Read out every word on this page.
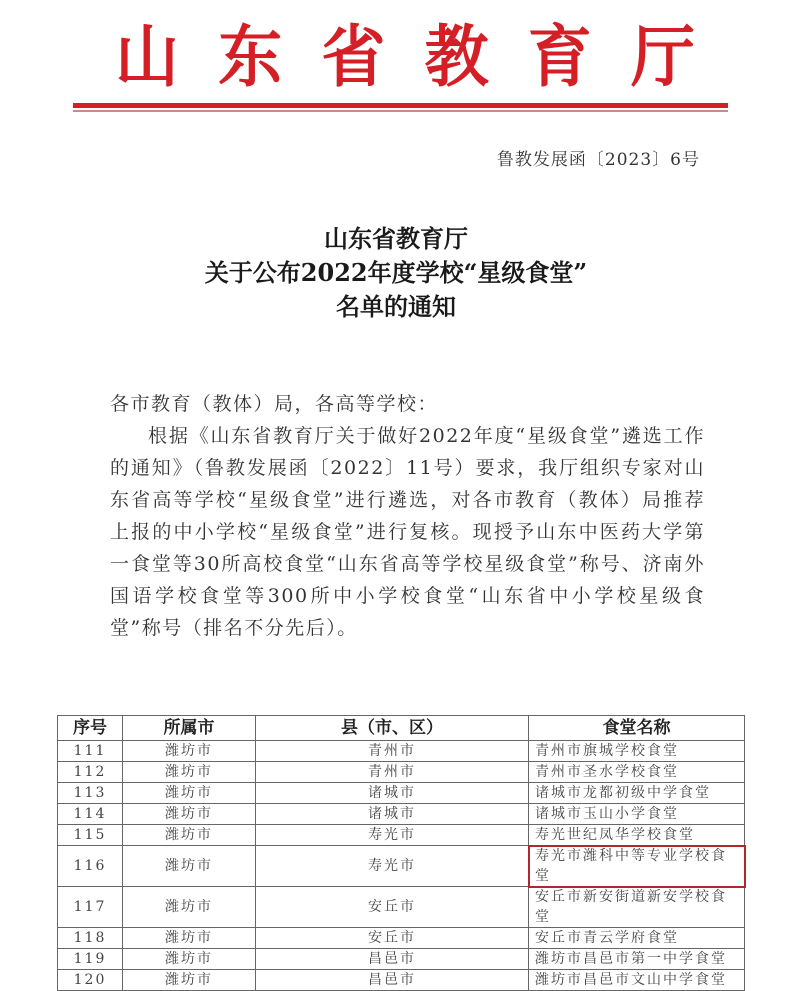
山 东 省 教 育 厅
鲁教发展函〔2023〕6号
山东省教育厅
关于公布2022年度学校“星级食堂”
名单的通知
各市教育（教体）局，各高等学校：
根据《山东省教育厅关于做好2022年度“星级食堂”遴选工作的通知》（鲁教发展函〔2022〕11号）要求，我厅组织专家对山东省高等学校“星级食堂”进行遴选，对各市教育（教体）局推荐上报的中小学校“星级食堂”进行复核。现授予山东中医药大学第一食堂等30所高校食堂“山东省高等学校星级食堂”称号、济南外国语学校食堂等300所中小学校食堂“山东省中小学校星级食堂”称号（排名不分先后）。
序号	所属市	县（市、区）	食堂名称
111	潍坊市	青州市	青州市旗城学校食堂
112	潍坊市	青州市	青州市圣水学校食堂
113	潍坊市	诸城市	诸城市龙都初级中学食堂
114	潍坊市	诸城市	诸城市玉山小学食堂
115	潍坊市	寿光市	寿光世纪凤华学校食堂
116	潍坊市	寿光市	寿光市潍科中等专业学校食堂
117	潍坊市	安丘市	安丘市新安街道新安学校食堂
118	潍坊市	安丘市	安丘市青云学府食堂
119	潍坊市	昌邑市	潍坊市昌邑市第一中学食堂
120	潍坊市	昌邑市	潍坊市昌邑市文山中学食堂
